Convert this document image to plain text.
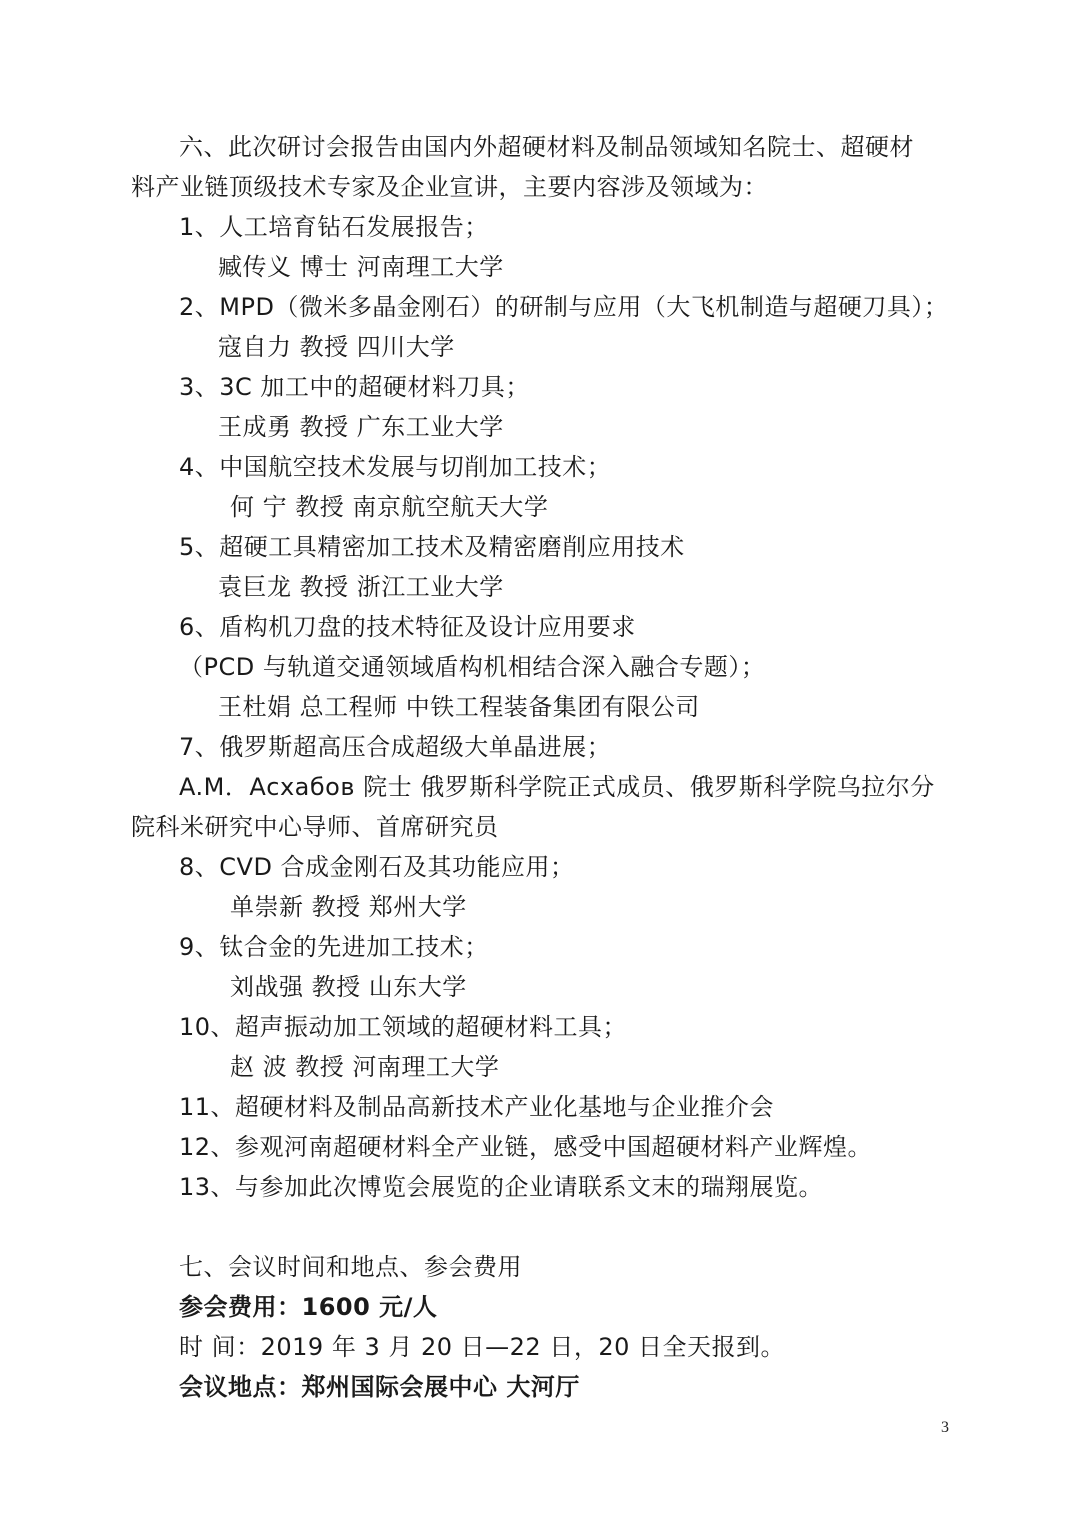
六、此次研讨会报告由国内外超硬材料及制品领域知名院士、超硬材
料产业链顶级技术专家及企业宣讲，主要内容涉及领域为：
1、人工培育钻石发展报告；
臧传义 博士 河南理工大学
2、MPD（微米多晶金刚石）的研制与应用（大飞机制造与超硬刀具）；
寇自力 教授 四川大学
3、3C 加工中的超硬材料刀具；
王成勇 教授 广东工业大学
4、中国航空技术发展与切削加工技术；
何 宁 教授 南京航空航天大学
5、超硬工具精密加工技术及精密磨削应用技术
袁巨龙 教授 浙江工业大学
6、盾构机刀盘的技术特征及设计应用要求
（PCD 与轨道交通领域盾构机相结合深入融合专题）；
王杜娟 总工程师 中铁工程装备集团有限公司
7、俄罗斯超高压合成超级大单晶进展；
A.M．Асхабов 院士 俄罗斯科学院正式成员、俄罗斯科学院乌拉尔分
院科米研究中心导师、首席研究员
8、CVD 合成金刚石及其功能应用；
单崇新 教授 郑州大学
9、钛合金的先进加工技术；
刘战强 教授 山东大学
10、超声振动加工领域的超硬材料工具；
赵 波 教授 河南理工大学
11、超硬材料及制品高新技术产业化基地与企业推介会
12、参观河南超硬材料全产业链，感受中国超硬材料产业辉煌。
13、与参加此次博览会展览的企业请联系文末的瑞翔展览。
七、会议时间和地点、参会费用
参会费用：1600 元/人
时 间：2019 年 3 月 20 日—22 日，20 日全天报到。
会议地点：郑州国际会展中心 大河厅
3
